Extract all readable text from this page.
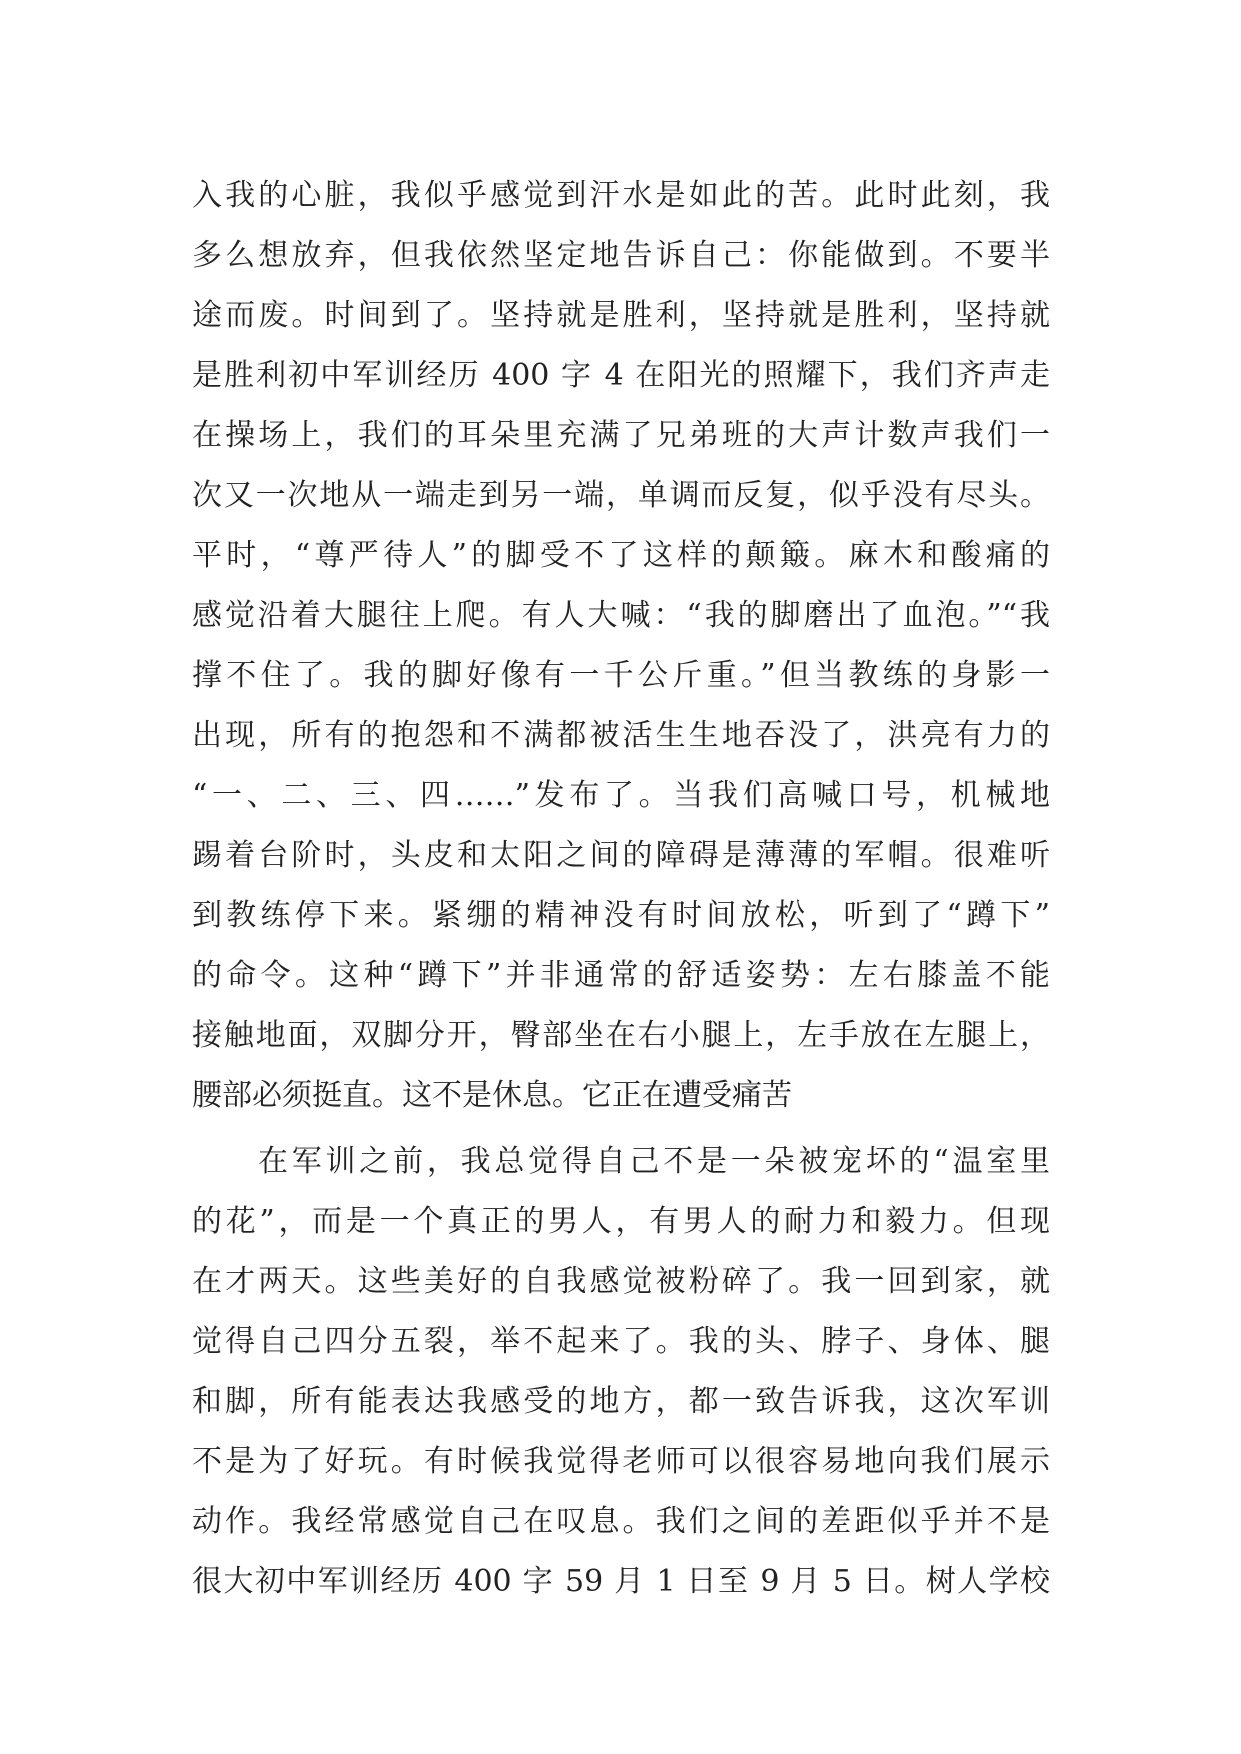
入我的心脏，我似乎感觉到汗水是如此的苦。此时此刻，我
多么想放弃，但我依然坚定地告诉自己：你能做到。不要半
途而废。时间到了。坚持就是胜利，坚持就是胜利，坚持就
是胜利初中军训经历 400 字 4 在阳光的照耀下，我们齐声走
在操场上，我们的耳朵里充满了兄弟班的大声计数声我们一
次又一次地从一端走到另一端，单调而反复，似乎没有尽头。
平时，“尊严待人”的脚受不了这样的颠簸。麻木和酸痛的
感觉沿着大腿往上爬。有人大喊：“我的脚磨出了血泡。”“我
撑不住了。我的脚好像有一千公斤重。”但当教练的身影一
出现，所有的抱怨和不满都被活生生地吞没了，洪亮有力的
“一、二、三、四……”发布了。当我们高喊口号，机械地
踢着台阶时，头皮和太阳之间的障碍是薄薄的军帽。很难听
到教练停下来。紧绷的精神没有时间放松，听到了“蹲下”
的命令。这种“蹲下”并非通常的舒适姿势：左右膝盖不能
接触地面，双脚分开，臀部坐在右小腿上，左手放在左腿上，
腰部必须挺直。这不是休息。它正在遭受痛苦
在军训之前，我总觉得自己不是一朵被宠坏的“温室里
的花”，而是一个真正的男人，有男人的耐力和毅力。但现
在才两天。这些美好的自我感觉被粉碎了。我一回到家，就
觉得自己四分五裂，举不起来了。我的头、脖子、身体、腿
和脚，所有能表达我感受的地方，都一致告诉我，这次军训
不是为了好玩。有时候我觉得老师可以很容易地向我们展示
动作。我经常感觉自己在叹息。我们之间的差距似乎并不是
很大初中军训经历 400 字 59 月 1 日至 9 月 5 日。树人学校
